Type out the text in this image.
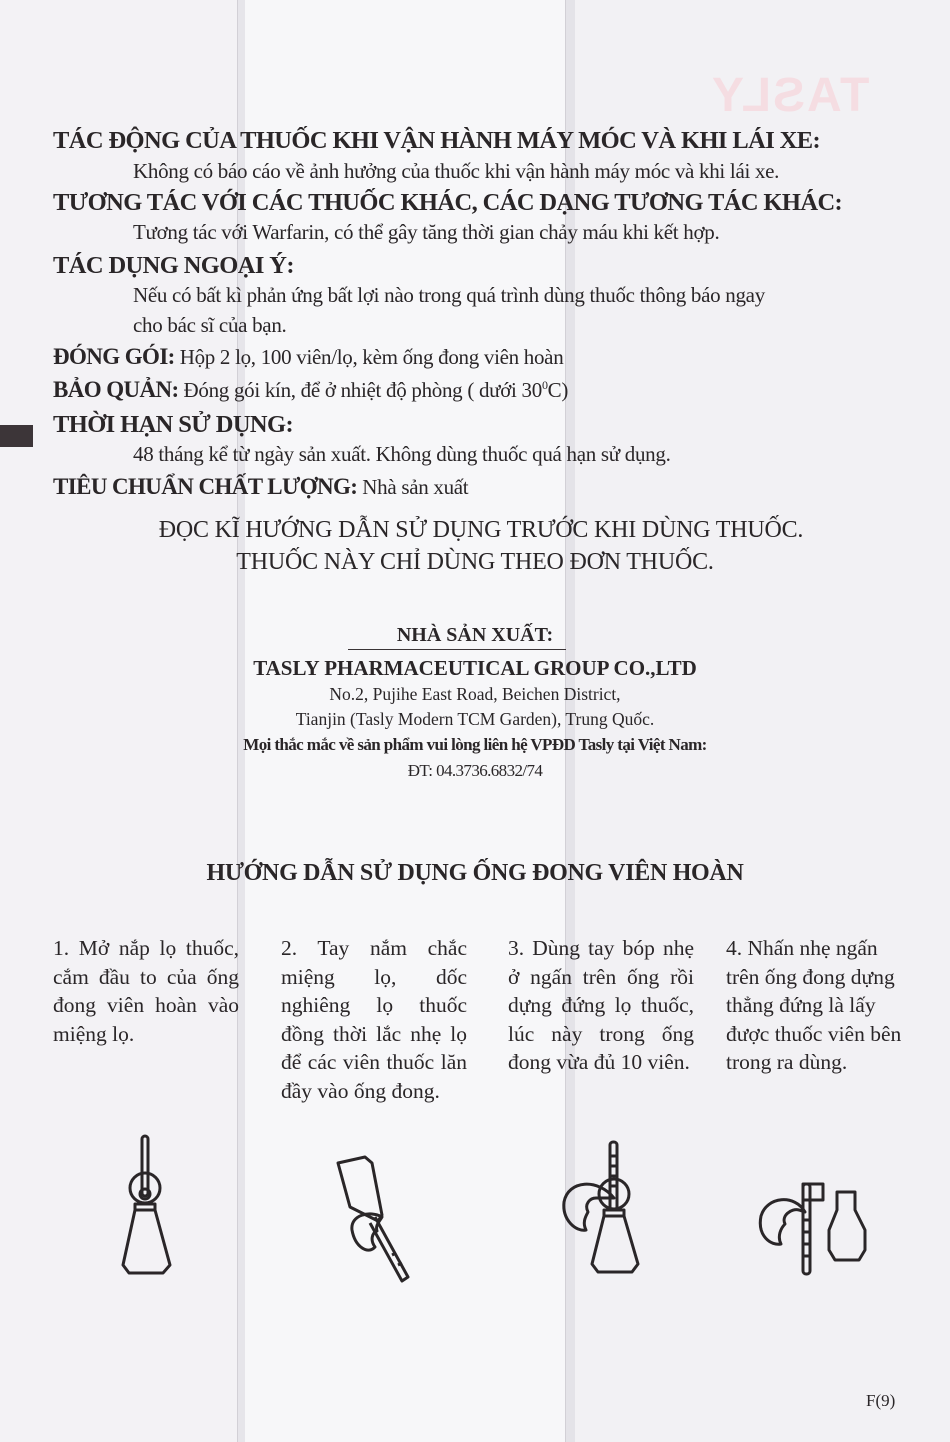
TASLY
TÁC ĐỘNG CỦA THUỐC KHI VẬN HÀNH MÁY MÓC VÀ KHI LÁI XE:
Không có báo cáo về ảnh hưởng của thuốc khi vận hành máy móc và khi lái xe.
TƯƠNG TÁC VỚI CÁC THUỐC KHÁC, CÁC DẠNG TƯƠNG TÁC KHÁC:
Tương tác với Warfarin, có thể gây tăng thời gian chảy máu khi kết hợp.
TÁC DỤNG NGOẠI Ý:
Nếu có bất kì phản ứng bất lợi nào trong quá trình dùng thuốc thông báo ngay
cho bác sĩ của bạn.
ĐÓNG GÓI: Hộp 2 lọ, 100 viên/lọ, kèm ống đong viên hoàn
BẢO QUẢN: Đóng gói kín, để ở nhiệt độ phòng ( dưới $30^0C$)
THỜI HẠN SỬ DỤNG:
48 tháng kể từ ngày sản xuất. Không dùng thuốc quá hạn sử dụng.
TIÊU CHUẨN CHẤT LƯỢNG: Nhà sản xuất
ĐỌC KĨ HƯỚNG DẪN SỬ DỤNG TRƯỚC KHI DÙNG THUỐC.
THUỐC NÀY CHỈ DÙNG THEO ĐƠN THUỐC.
NHÀ SẢN XUẤT:
TASLY PHARMACEUTICAL GROUP CO.,LTD
No.2, Pujihe East Road, Beichen District,
Tianjin (Tasly Modern TCM Garden), Trung Quốc.
Mọi thắc mắc về sản phẩm vui lòng liên hệ VPĐD Tasly tại Việt Nam:
ĐT: 04.3736.6832/74
HƯỚNG DẪN SỬ DỤNG ỐNG ĐONG VIÊN HOÀN
1. Mở nắp lọ thuốc, cắm đầu to của ống đong viên hoàn vào miệng lọ.
2. Tay nắm chắc miệng lọ, dốc nghiêng lọ thuốc đồng thời lắc nhẹ lọ để các viên thuốc lăn đầy vào ống đong.
3. Dùng tay bóp nhẹ ở ngấn trên ống rồi dựng đứng lọ thuốc, lúc này trong ống đong vừa đủ 10 viên.
4. Nhấn nhẹ ngấn trên ống đong dựng thẳng đứng là lấy được thuốc viên bên trong ra dùng.
F(9)
